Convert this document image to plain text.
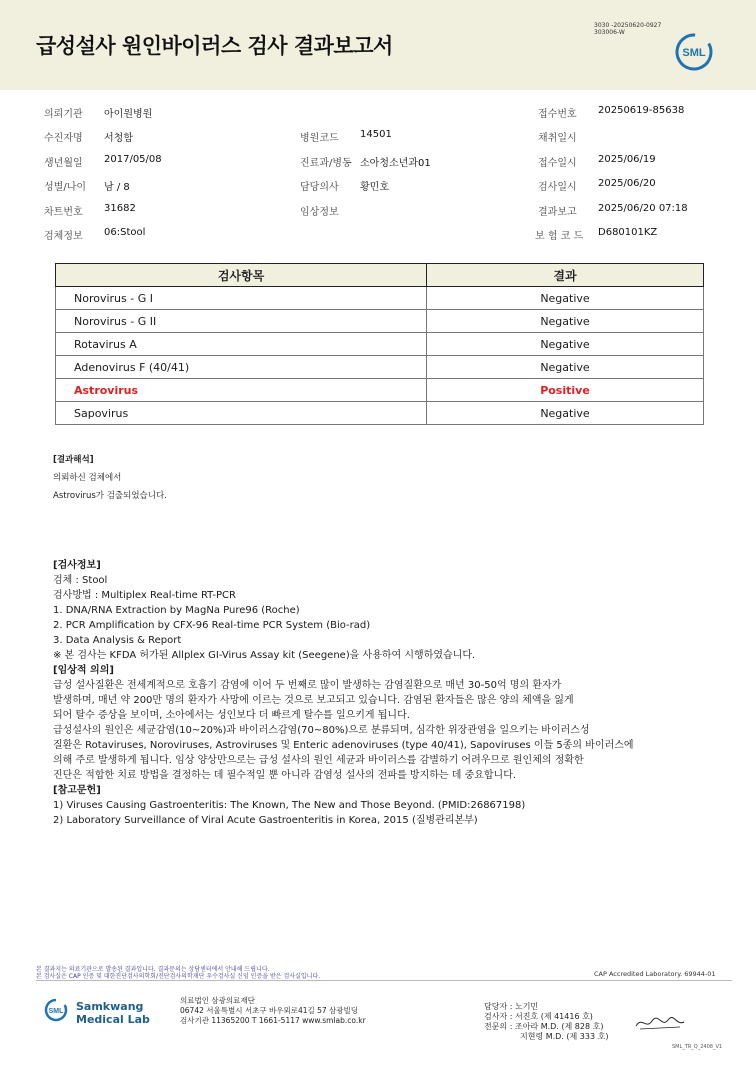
급성설사 원인바이러스 검사 결과보고서
3030 -20250620-0927
303006-W
SML
의뢰기관 아이원병원
수진자명 서청함
생년월일 2017/05/08
성별/나이 남 / 8
차트번호 31682
검체정보 06:Stool
병원코드 14501
진료과/병동 소아청소년과01
담당의사 황민호
임상정보
접수번호 20250619-85638
채취일시
접수일시 2025/06/19
검사일시 2025/06/20
결과보고 2025/06/20 07:18
보 험 코 드 D680101KZ
검사항목	결과
Norovirus - G I	Negative
Norovirus - G II	Negative
Rotavirus A	Negative
Adenovirus F (40/41)	Negative
Astrovirus	Positive
Sapovirus	Negative
[결과해석]
의뢰하신 검체에서
Astrovirus가 검출되었습니다.
[검사정보]
검체 : Stool
검사방법 : Multiplex Real-time RT-PCR
1. DNA/RNA Extraction by MagNa Pure96 (Roche)
2. PCR Amplification by CFX-96 Real-time PCR System (Bio-rad)
3. Data Analysis & Report
※ 본 검사는 KFDA 허가된 Allplex GI-Virus Assay kit (Seegene)을 사용하여 시행하였습니다.
[임상적 의의]
급성 설사질환은 전세계적으로 호흡기 감염에 이어 두 번째로 많이 발생하는 감염질환으로 매년 30-50억 명의 환자가
발생하며, 매년 약 200만 명의 환자가 사망에 이르는 것으로 보고되고 있습니다. 감염된 환자들은 많은 양의 체액을 잃게
되어 탈수 증상을 보이며, 소아에서는 성인보다 더 빠르게 탈수를 일으키게 됩니다.
급성설사의 원인은 세균감염(10~20%)과 바이러스감염(70~80%)으로 분류되며, 심각한 위장관염을 일으키는 바이러스성
질환은 Rotaviruses, Noroviruses, Astroviruses 및 Enteric adenoviruses (type 40/41), Sapoviruses 이들 5종의 바이러스에
의해 주로 발생하게 됩니다. 임상 양상만으로는 급성 설사의 원인 세균과 바이러스를 감별하기 어려우므로 원인체의 정확한
진단은 적합한 치료 방법을 결정하는 데 필수적일 뿐 아니라 감염성 설사의 전파를 방지하는 데 중요합니다.
[참고문헌]
1) Viruses Causing Gastroenteritis: The Known, The New and Those Beyond. (PMID:26867198)
2) Laboratory Surveillance of Viral Acute Gastroenteritis in Korea, 2015 (질병관리본부)
본 결과지는 의료기관으로 발송된 결과입니다. 결과문의는 상담센터에서 안내해 드립니다.
본 검사실은 CAP 인증 및 대한진단검사의학회/진단검사의학재단 우수검사실 신임 인증을 받은 검사실입니다.	CAP Accredited Laboratory. 69944-01
SML Samkwang
Medical Lab
의료법인 삼광의료재단
06742 서울특별시 서초구 바우뫼로41길 57 삼광빌딩
검사기관 11365200 T 1661-5117 www.smlab.co.kr
담당자 : 노기민
검사자 : 서진호 (제 41416 호)
전문의 : 조아라 M.D. (제 828 호)
지현령 M.D. (제 333 호)
SML_TR_Q_2408_V1
